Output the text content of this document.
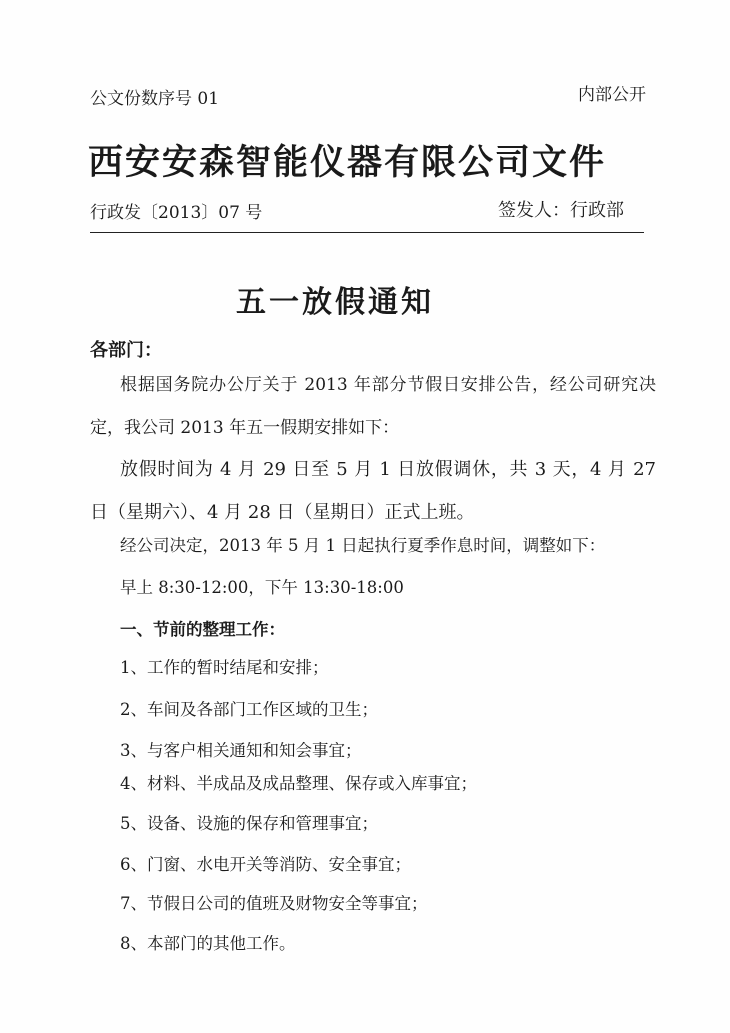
公文份数序号 01	内部公开
西安安森智能仪器有限公司文件
行政发〔2013〕07 号	签发人：行政部
五一放假通知
各部门：
根据国务院办公厅关于 2013 年部分节假日安排公告，经公司研究决定，我公司 2013 年五一假期安排如下：
放假时间为 4 月 29 日至 5 月 1 日放假调休，共 3 天，4 月 27 日（星期六）、4 月 28 日（星期日）正式上班。
经公司决定，2013 年 5 月 1 日起执行夏季作息时间，调整如下：
早上 8:30-12:00，下午 13:30-18:00
一、节前的整理工作：
1、工作的暂时结尾和安排；
2、车间及各部门工作区域的卫生；
3、与客户相关通知和知会事宜；
4、材料、半成品及成品整理、保存或入库事宜；
5、设备、设施的保存和管理事宜；
6、门窗、水电开关等消防、安全事宜；
7、节假日公司的值班及财物安全等事宜；
8、本部门的其他工作。
